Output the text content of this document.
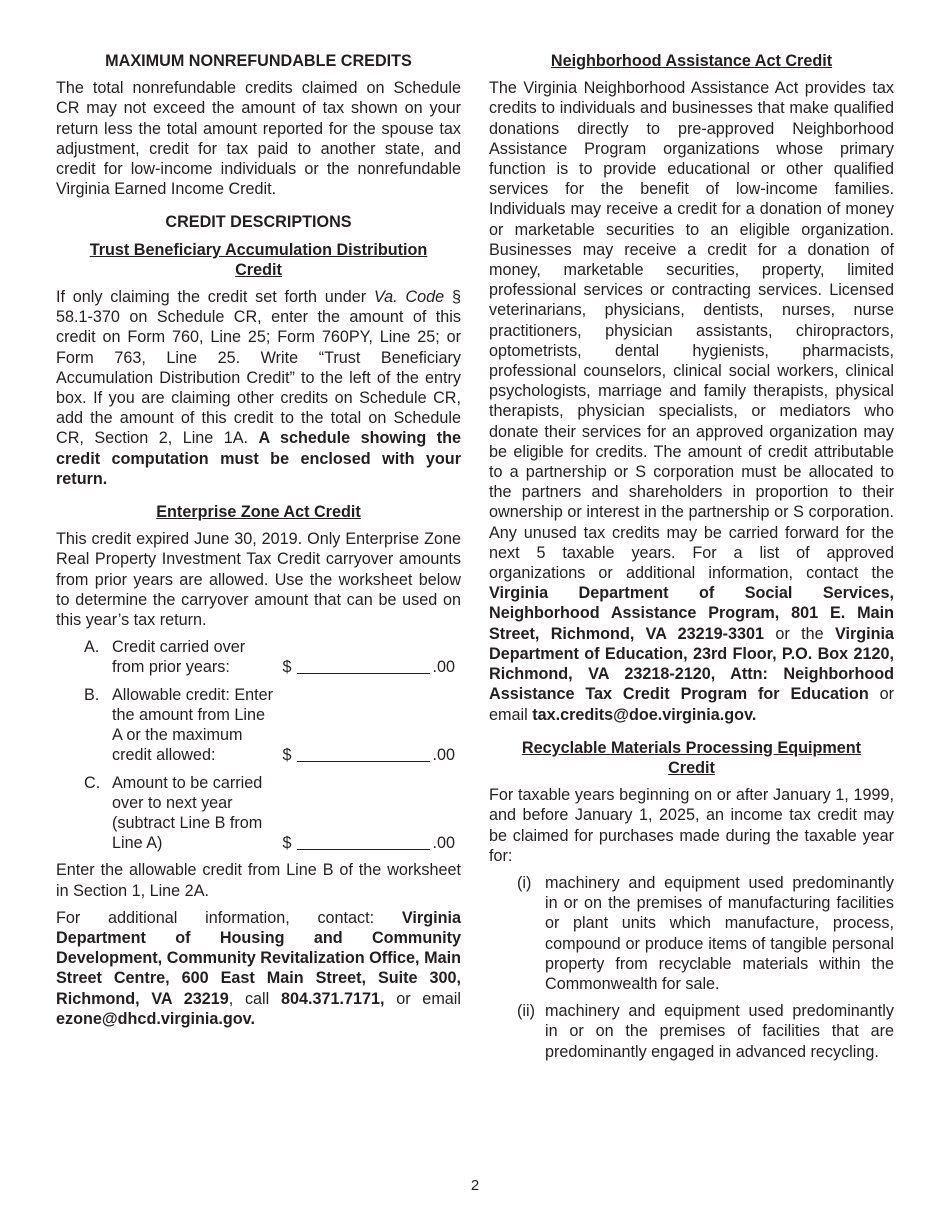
MAXIMUM NONREFUNDABLE CREDITS

The total nonrefundable credits claimed on Schedule CR may not exceed the amount of tax shown on your return less the total amount reported for the spouse tax adjustment, credit for tax paid to another state, and credit for low-income individuals or the nonrefundable Virginia Earned Income Credit.

CREDIT DESCRIPTIONS
Trust Beneficiary Accumulation Distribution
Credit

If only claiming the credit set forth under Va. Code § 58.1-370 on Schedule CR, enter the amount of this credit on Form 760, Line 25; Form 760PY, Line 25; or Form 763, Line 25. Write “Trust Beneficiary Accumulation Distribution Credit” to the left of the entry box. If you are claiming other credits on Schedule CR, add the amount of this credit to the total on Schedule CR, Section 2, Line 1A. A schedule showing the credit computation must be enclosed with your return.

Enterprise Zone Act Credit

This credit expired June 30, 2019. Only Enterprise Zone Real Property Investment Tax Credit carryover amounts from prior years are allowed. Use the worksheet below to determine the carryover amount that can be used on this year’s tax return.

A. Credit carried over from prior years:	$	.00
B. Allowable credit: Enter the amount from Line A or the maximum credit allowed:	$	.00
C. Amount to be carried over to next year (subtract Line B from Line A)	$	.00

Enter the allowable credit from Line B of the worksheet in Section 1, Line 2A.

For additional information, contact: Virginia Department of Housing and Community Development, Community Revitalization Office, Main Street Centre, 600 East Main Street, Suite 300, Richmond, VA 23219, call 804.371.7171, or email ezone@dhcd.virginia.gov.

Neighborhood Assistance Act Credit

The Virginia Neighborhood Assistance Act provides tax credits to individuals and businesses that make qualified donations directly to pre-approved Neighborhood Assistance Program organizations whose primary function is to provide educational or other qualified services for the benefit of low-income families. Individuals may receive a credit for a donation of money or marketable securities to an eligible organization. Businesses may receive a credit for a donation of money, marketable securities, property, limited professional services or contracting services. Licensed veterinarians, physicians, dentists, nurses, nurse practitioners, physician assistants, chiropractors, optometrists, dental hygienists, pharmacists, professional counselors, clinical social workers, clinical psychologists, marriage and family therapists, physical therapists, physician specialists, or mediators who donate their services for an approved organization may be eligible for credits. The amount of credit attributable to a partnership or S corporation must be allocated to the partners and shareholders in proportion to their ownership or interest in the partnership or S corporation. Any unused tax credits may be carried forward for the next 5 taxable years. For a list of approved organizations or additional information, contact the Virginia Department of Social Services, Neighborhood Assistance Program, 801 E. Main Street, Richmond, VA 23219-3301 or the Virginia Department of Education, 23rd Floor, P.O. Box 2120, Richmond, VA 23218-2120, Attn: Neighborhood Assistance Tax Credit Program for Education or email tax.credits@doe.virginia.gov.

Recyclable Materials Processing Equipment
Credit

For taxable years beginning on or after January 1, 1999, and before January 1, 2025, an income tax credit may be claimed for purchases made during the taxable year for:

(i) machinery and equipment used predominantly in or on the premises of manufacturing facilities or plant units which manufacture, process, compound or produce items of tangible personal property from recyclable materials within the Commonwealth for sale.
(ii) machinery and equipment used predominantly in or on the premises of facilities that are predominantly engaged in advanced recycling.
2
